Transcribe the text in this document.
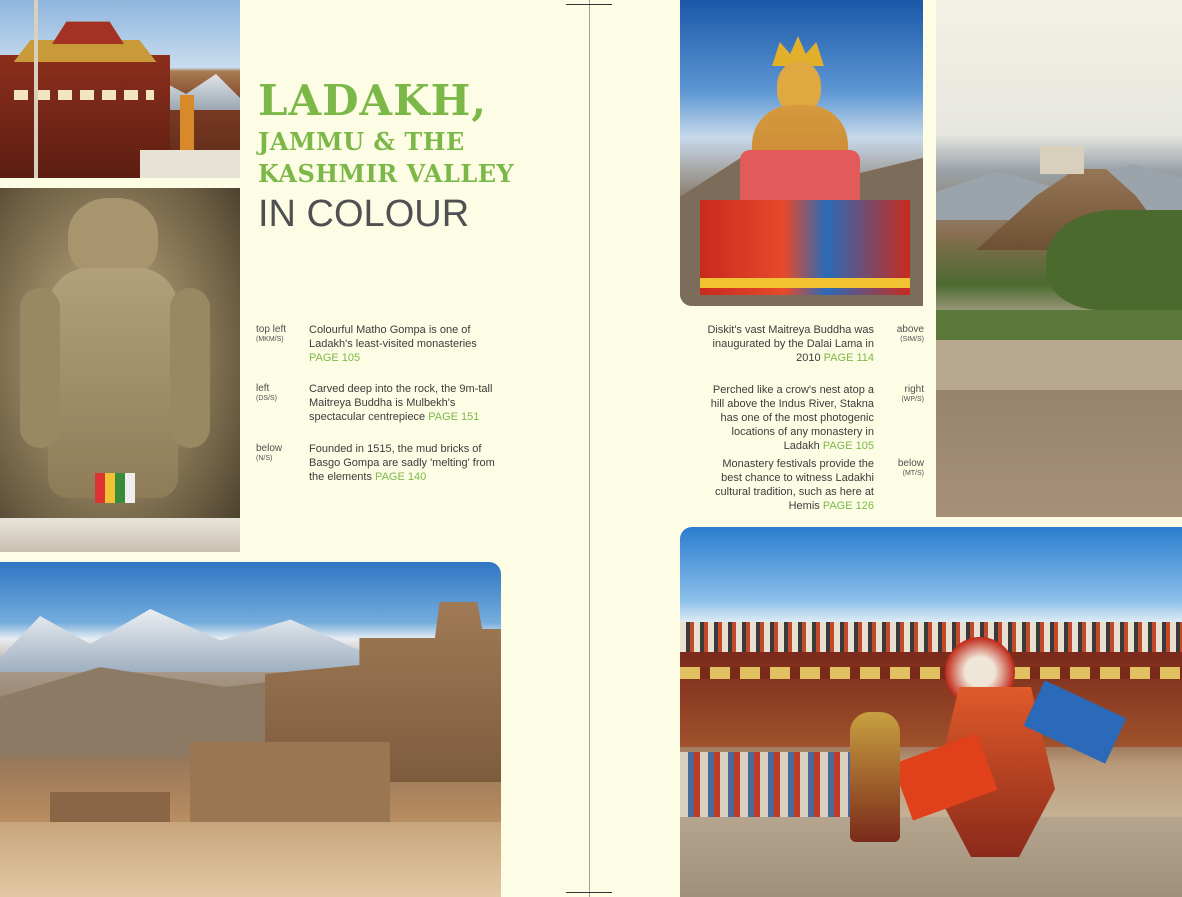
LADAKH,
JAMMU & THE
KASHMIR VALLEY
IN COLOUR
top left
(MKM/S)
Colourful Matho Gompa is one of Ladakh's least-visited monasteries PAGE 105
left
(DS/S)
Carved deep into the rock, the 9m-tall Maitreya Buddha is Mulbekh's spectacular centrepiece PAGE 151
below
(N/S)
Founded in 1515, the mud bricks of Basgo Gompa are sadly 'melting' from the elements PAGE 140
Diskit's vast Maitreya Buddha was inaugurated by the Dalai Lama in 2010 PAGE 114
above
(SIM/S)
Perched like a crow's nest atop a hill above the Indus River, Stakna has one of the most photogenic locations of any monastery in Ladakh PAGE 105
right
(WP/S)
Monastery festivals provide the best chance to witness Ladakhi cultural tradition, such as here at Hemis PAGE 126
below
(MT/S)
